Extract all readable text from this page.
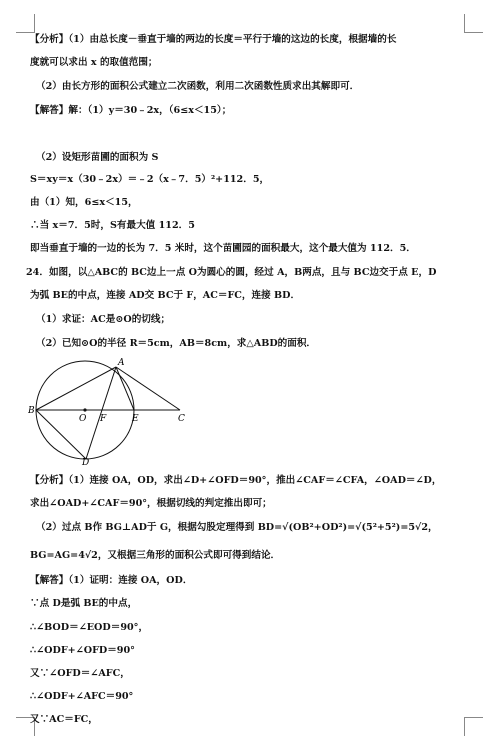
【分析】（1）由总长度－垂直于墙的两边的长度＝平行于墙的这边的长度，根据墙的长
度就可以求出 x 的取值范围；
（2）由长方形的面积公式建立二次函数，利用二次函数性质求出其解即可．
【解答】解：（1）y＝30﹣2x，（6≤x＜15）；
（2）设矩形苗圃的面积为 S
S＝xy＝x（30﹣2x）＝﹣2（x﹣7．5）²+112．5，
由（1）知，6≤x＜15，
∴当 x＝7．5时，S有最大值 112．5
即当垂直于墙的一边的长为 7．5 米时，这个苗圃园的面积最大，这个最大值为 112．5．
24．如图，以△ABC的 BC边上一点 O为圆心的圆，经过 A，B两点，且与 BC边交于点 E，D
为弧 BE的中点，连接 AD交 BC于 F，AC＝FC，连接 BD．
（1）求证：AC是⊙O的切线；
（2）已知⊙O的半径 R＝5cm，AB＝8cm，求△ABD的面积．
A
B
O F	E	C
D
【分析】（1）连接 OA，OD，求出∠D+∠OFD＝90°，推出∠CAF＝∠CFA，∠OAD＝∠D，
求出∠OAD+∠CAF＝90°，根据切线的判定推出即可；
（2）过点 B作 BG⊥AD于 G，根据勾股定理得到 BD=√(OB²+OD²)=√(5²+5²)=5√2，
BG=AG=4√2，又根据三角形的面积公式即可得到结论．
【解答】（1）证明：连接 OA，OD．
∵点 D是弧 BE的中点，
∴∠BOD＝∠EOD＝90°，
∴∠ODF+∠OFD＝90°
又∵∠OFD＝∠AFC，
∴∠ODF+∠AFC＝90°
又∵AC＝FC，
